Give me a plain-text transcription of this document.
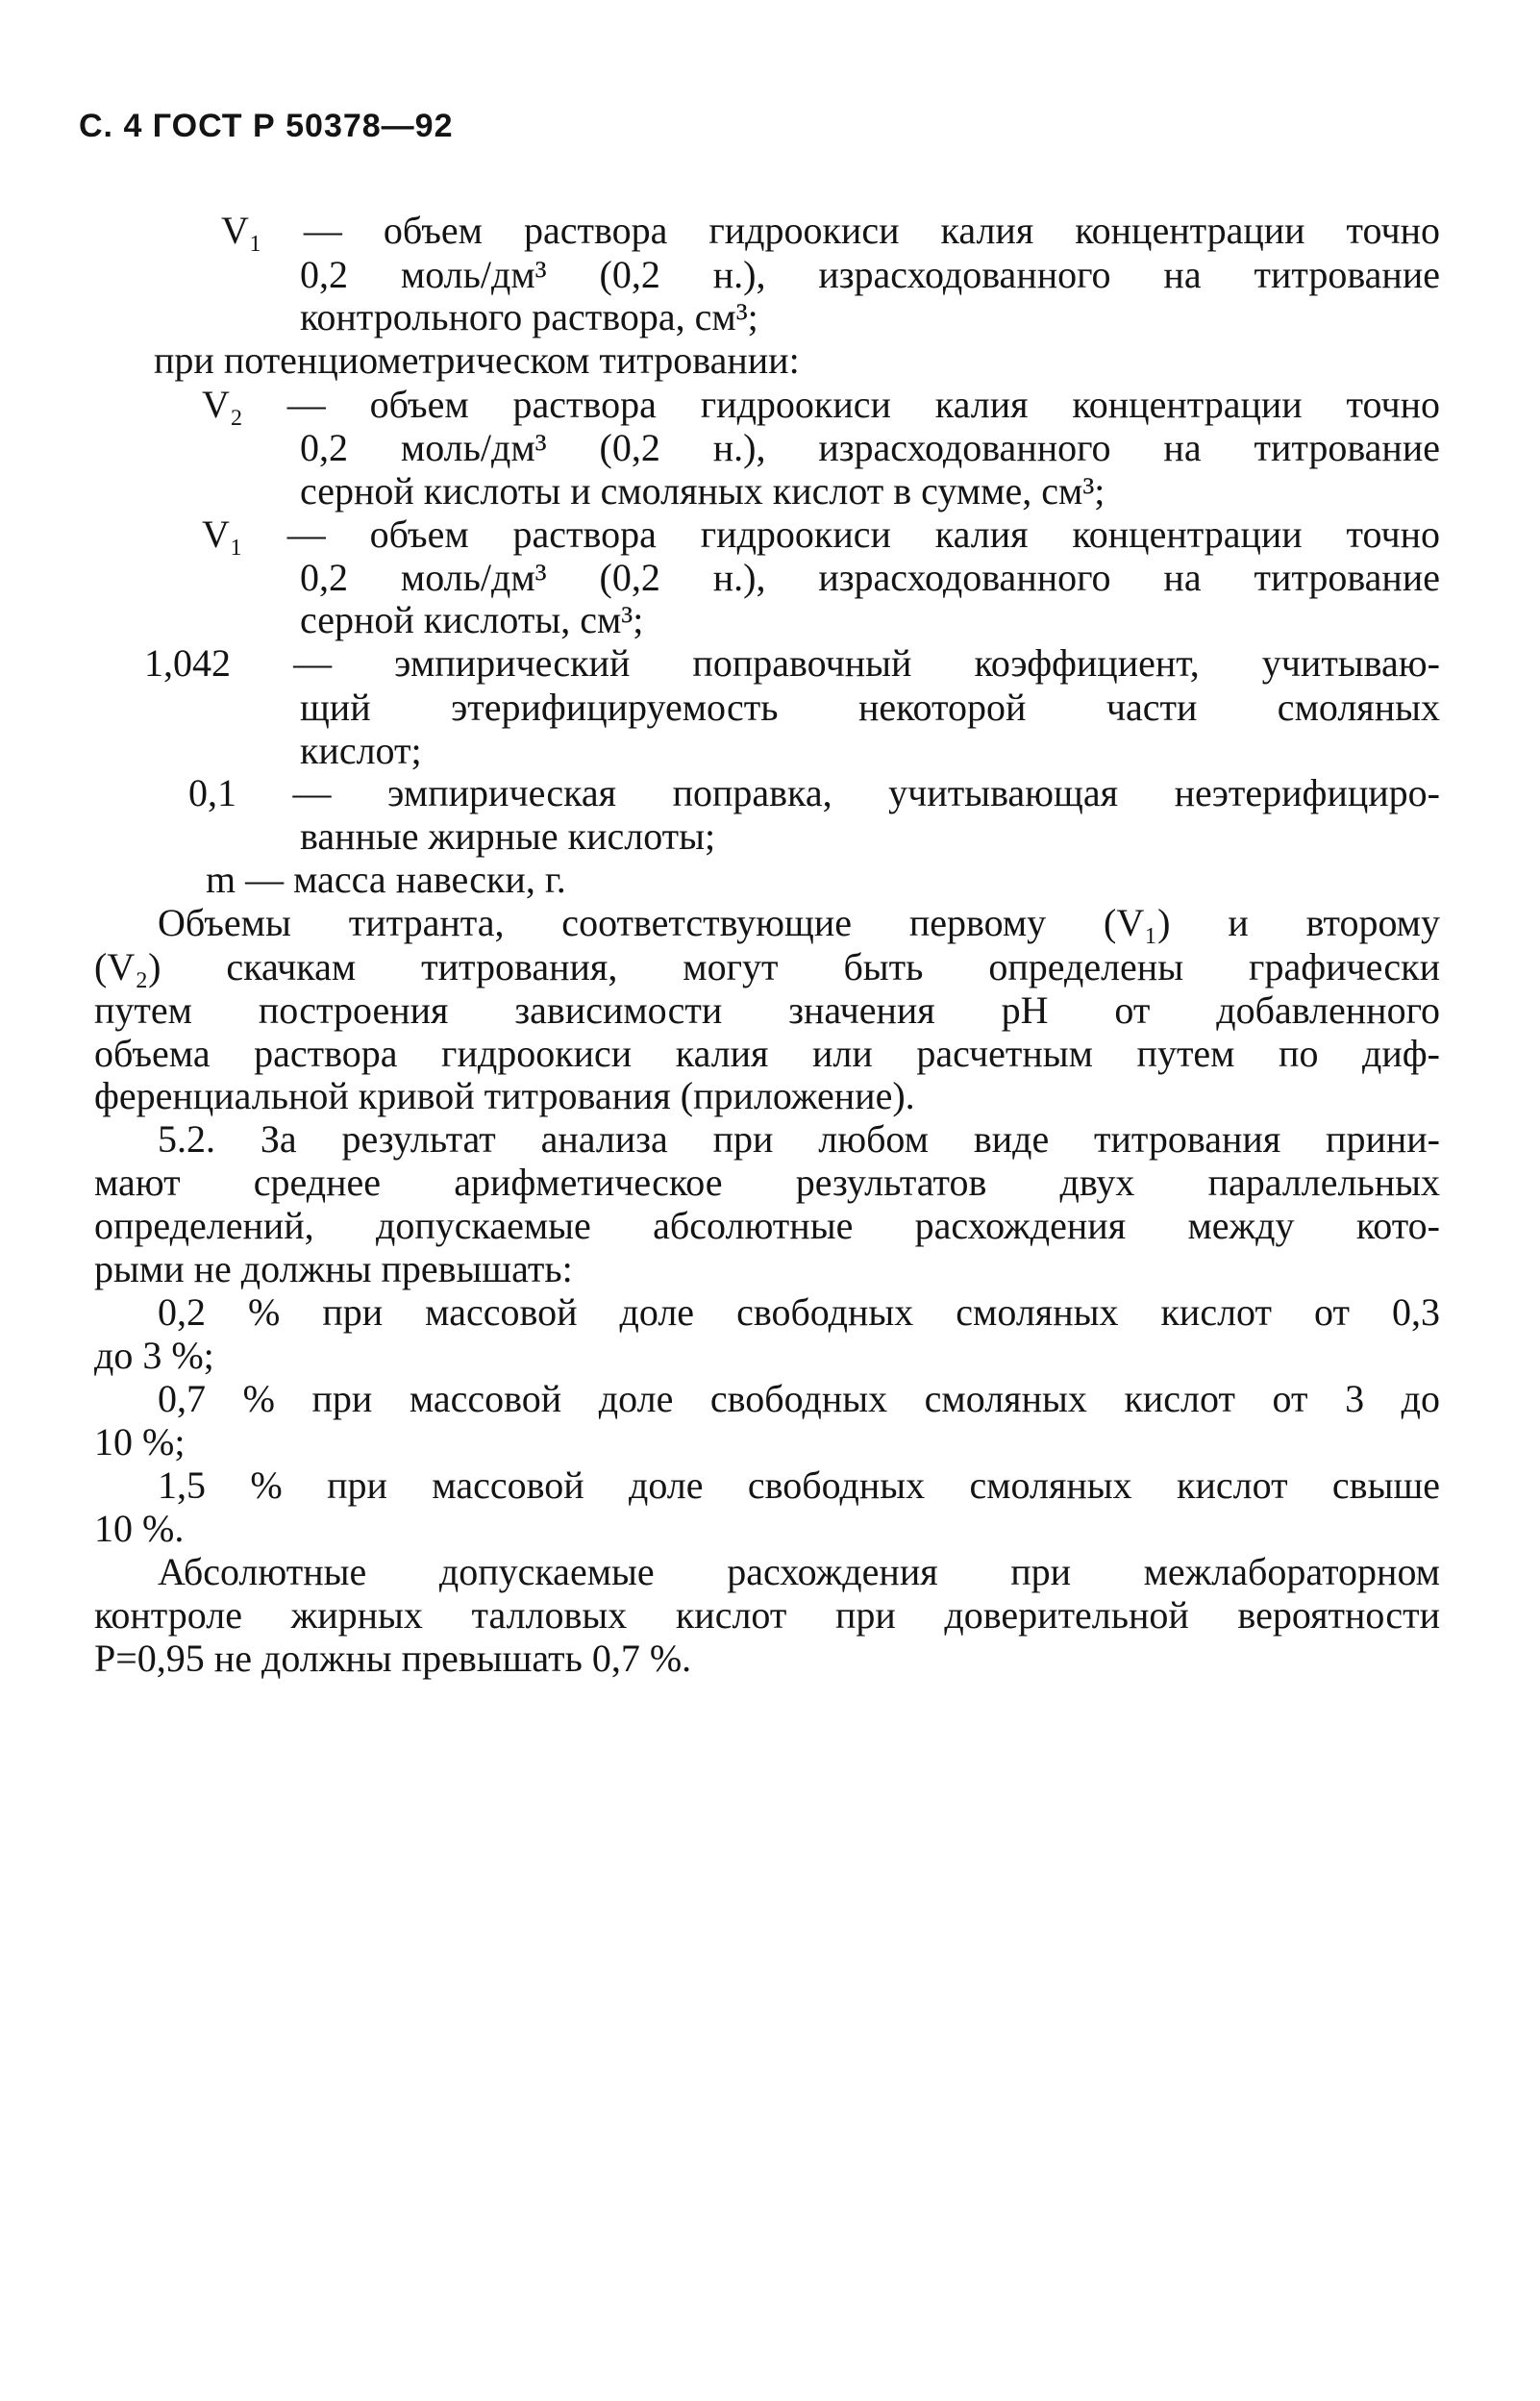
С. 4 ГОСТ Р 50378—92

V₁ — объем раствора гидроокиси калия концентрации точно

0,2 моль/дм³ (0,2 н.), израсходованного на титрование

контрольного раствора, см³;

при потенциометрическом титровании:

V₂ — объем раствора гидроокиси калия концентрации точно

0,2 моль/дм³ (0,2 н.), израсходованного на титрование

серной кислоты и смоляных кислот в сумме, см³;

V₁ — объем раствора гидроокиси калия концентрации точно

0,2 моль/дм³ (0,2 н.), израсходованного на титрование

серной кислоты, см³;

1,042 — эмпирический поправочный коэффициент, учитываю-

щий этерифицируемость некоторой части смоляных

кислот;

0,1 — эмпирическая поправка, учитывающая неэтерифициро-

ванные жирные кислоты;

m — масса навески, г.

Объемы титранта, соответствующие первому (V₁) и второму

(V₂) скачкам титрования, могут быть определены графически

путем построения зависимости значения pH от добавленного

объема раствора гидроокиси калия или расчетным путем по диф-

ференциальной кривой титрования (приложение).

5.2. За результат анализа при любом виде титрования прини-

мают среднее арифметическое результатов двух параллельных

определений, допускаемые абсолютные расхождения между кото-

рыми не должны превышать:

0,2 % при массовой доле свободных смоляных кислот от 0,3

до 3 %;

0,7 % при массовой доле свободных смоляных кислот от 3 до

10 %;

1,5 % при массовой доле свободных смоляных кислот свыше

10 %.

Абсолютные допускаемые расхождения при межлабораторном

контроле жирных талловых кислот при доверительной вероятности

P=0,95 не должны превышать 0,7 %.
